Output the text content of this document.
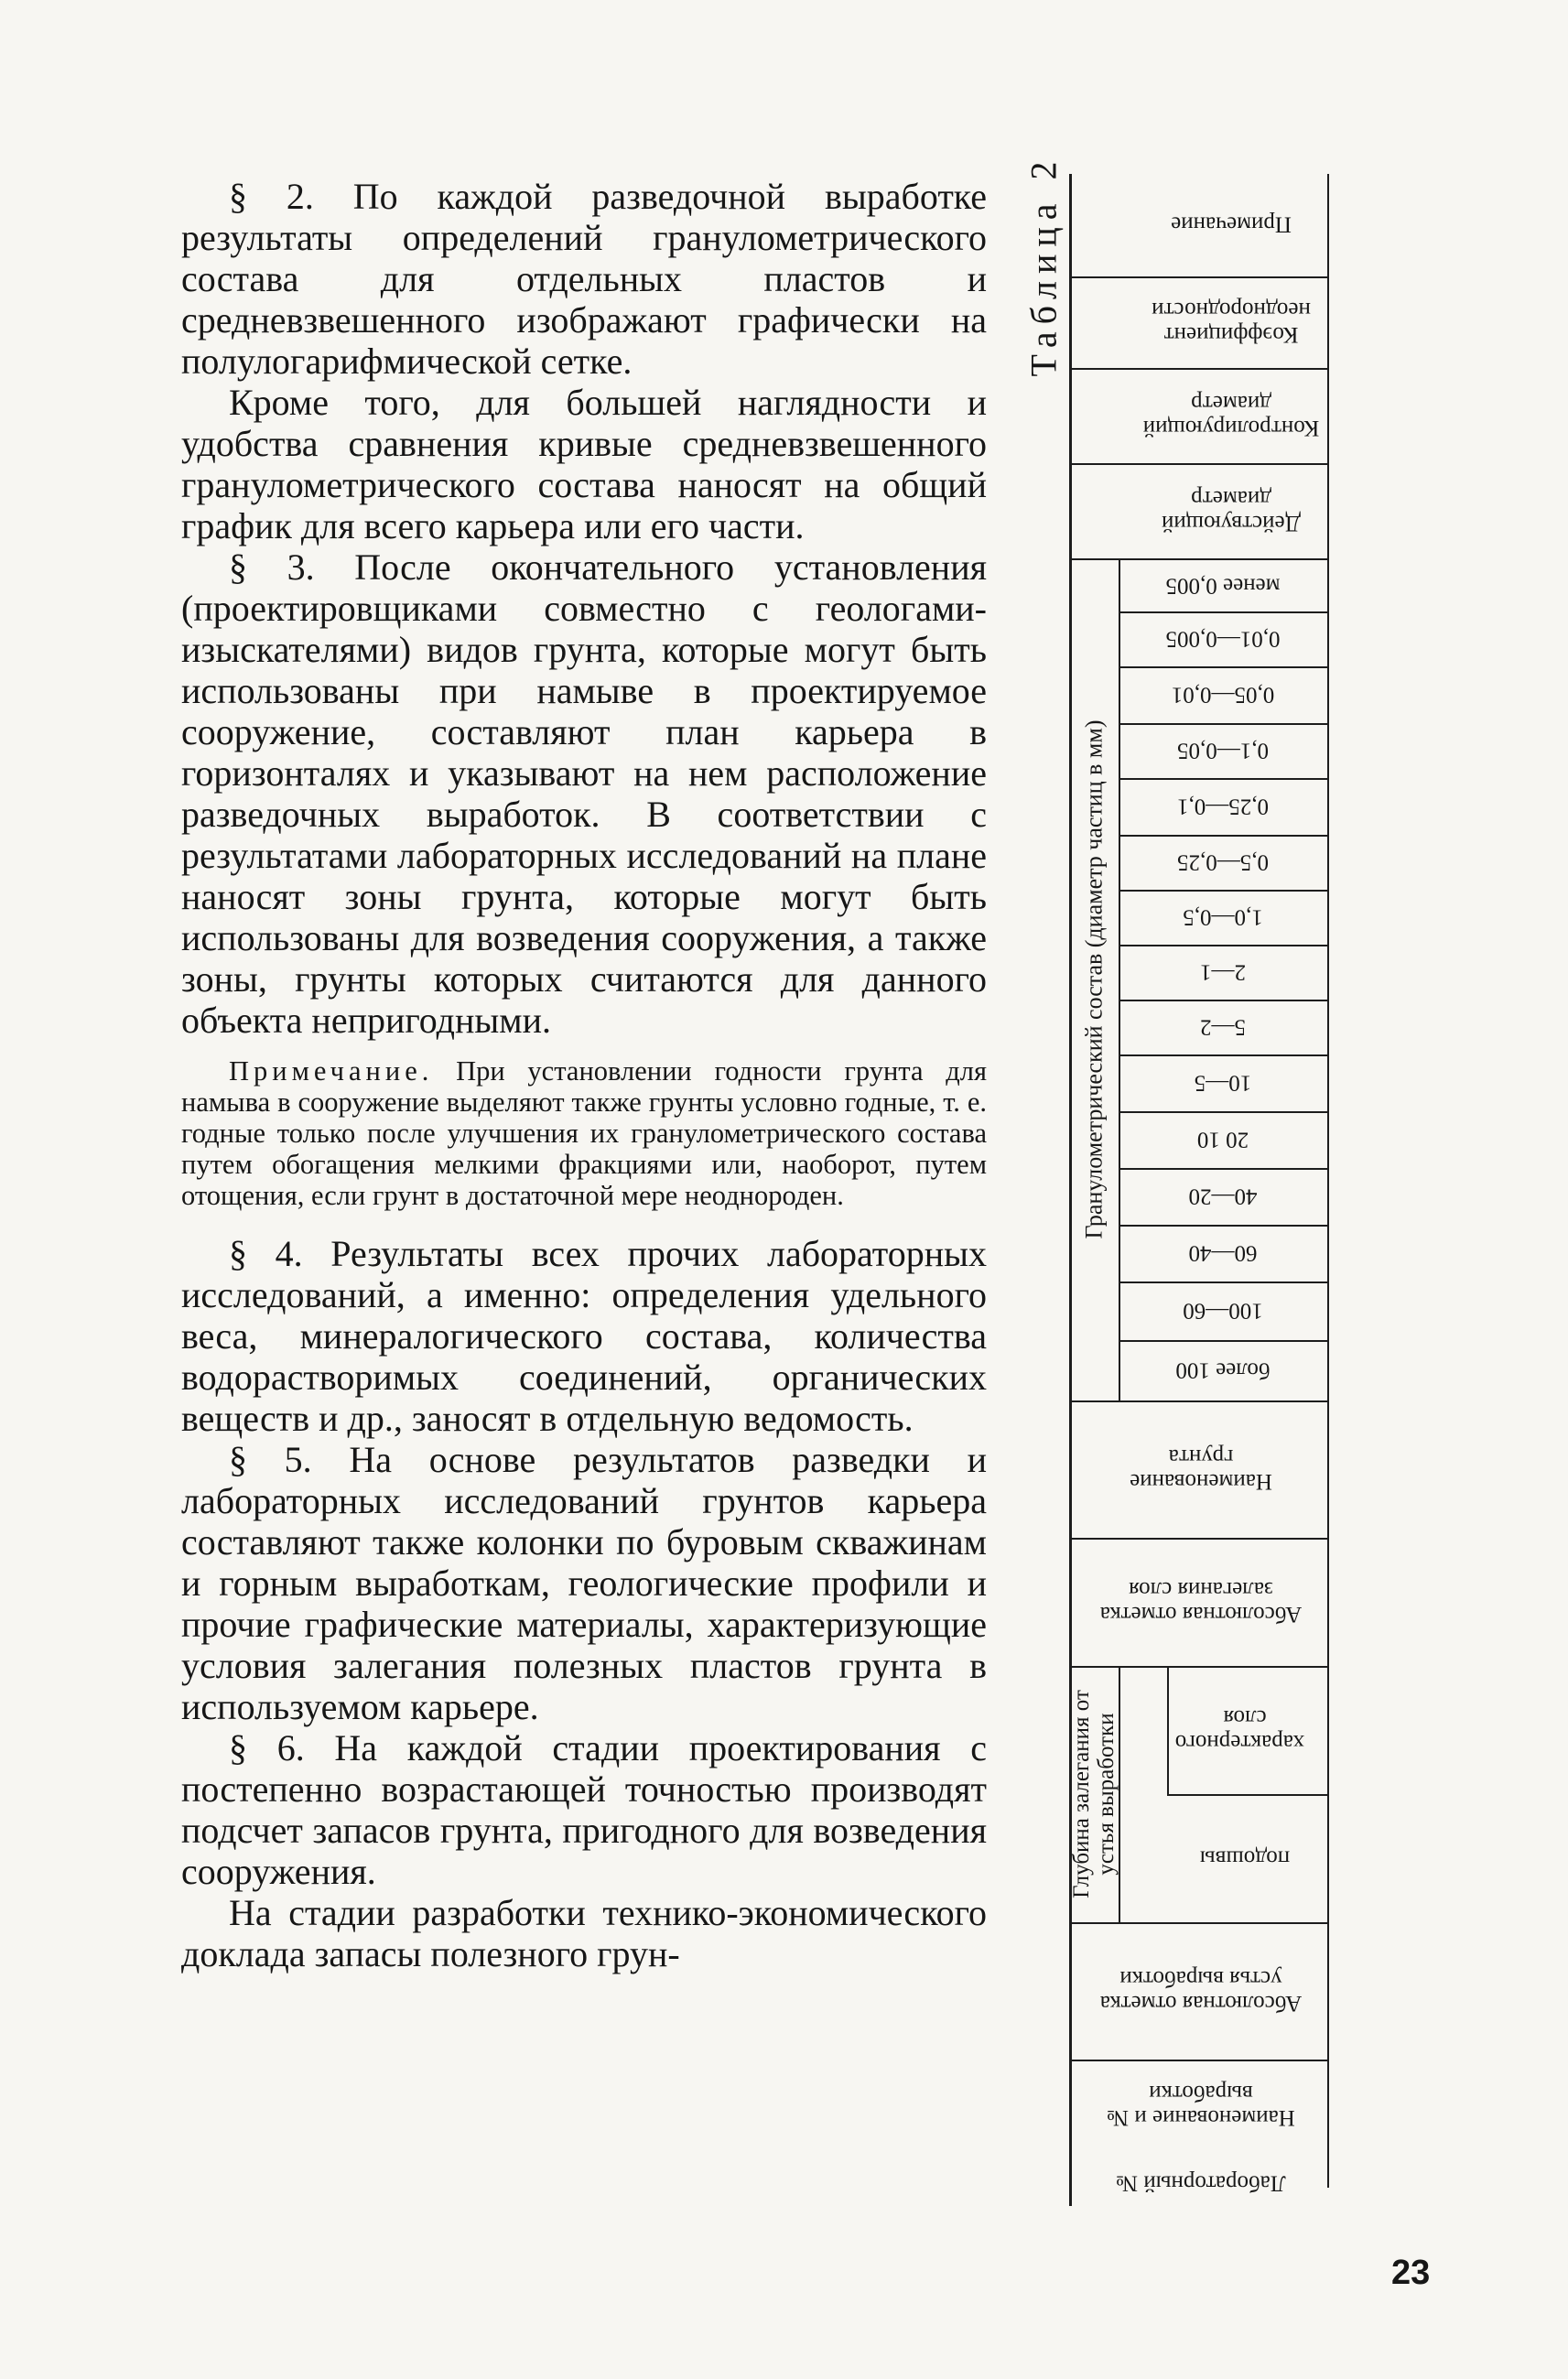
§ 2. По каждой разведочной выработке результаты определений гранулометрического состава для отдельных пластов и средневзвешенного изображают графически на полулогарифмической сетке.

Кроме того, для большей наглядности и удобства сравнения кривые средневзвешенного гранулометрического состава наносят на общий график для всего карьера или его части.

§ 3. После окончательного установления (проектировщиками совместно с геологами-изыскателями) видов грунта, которые могут быть использованы при намыве в проектируемое сооружение, составляют план карьера в горизонталях и указывают на нем расположение разведочных выработок. В соответствии с результатами лабораторных исследований на плане наносят зоны грунта, которые могут быть использованы для возведения сооружения, а также зоны, грунты которых считаются для данного объекта непригодными.

Примечание. При установлении годности грунта для намыва в сооружение выделяют также грунты условно годные, т. е. годные только после улучшения их гранулометрического состава путем обогащения мелкими фракциями или, наоборот, путем отощения, если грунт в достаточной мере неоднороден.

§ 4. Результаты всех прочих лабораторных исследований, а именно: определения удельного веса, минералогического состава, количества водорастворимых соединений, органических веществ и др., заносят в отдельную ведомость.

§ 5. На основе результатов разведки и лабораторных исследований грунтов карьера составляют также колонки по буровым скважинам и горным выработкам, геологические профили и прочие графические материалы, характеризующие условия залегания полезных пластов грунта в используемом карьере.

§ 6. На каждой стадии проектирования с постепенно возрастающей точностью производят подсчет запасов грунта, пригодного для возведения сооружения.

На стадии разработки технико-экономического доклада запасы полезного грун-

Таблица 2	Примечание
Коэффициент неоднородности
Контролирующий диаметр
Действующий диаметр
Гранулометрический состав (диаметр частиц в мм)
менее 0,005
0,01—0,005
0,05—0,01
0,1—0,05
0,25—0,1
0,5—0,25
1,0—0,5
2—1
5—2
10—5
20 10
40—20
60—40
100—60
более 100
Наименование грунта
Абсолютная отметка залегания слоя
Глубина залегания от устья выработки характерного слоя
подошвы
Абсолютная отметка устья выработки
Наименование и № выработки
Лабораторный №
23
